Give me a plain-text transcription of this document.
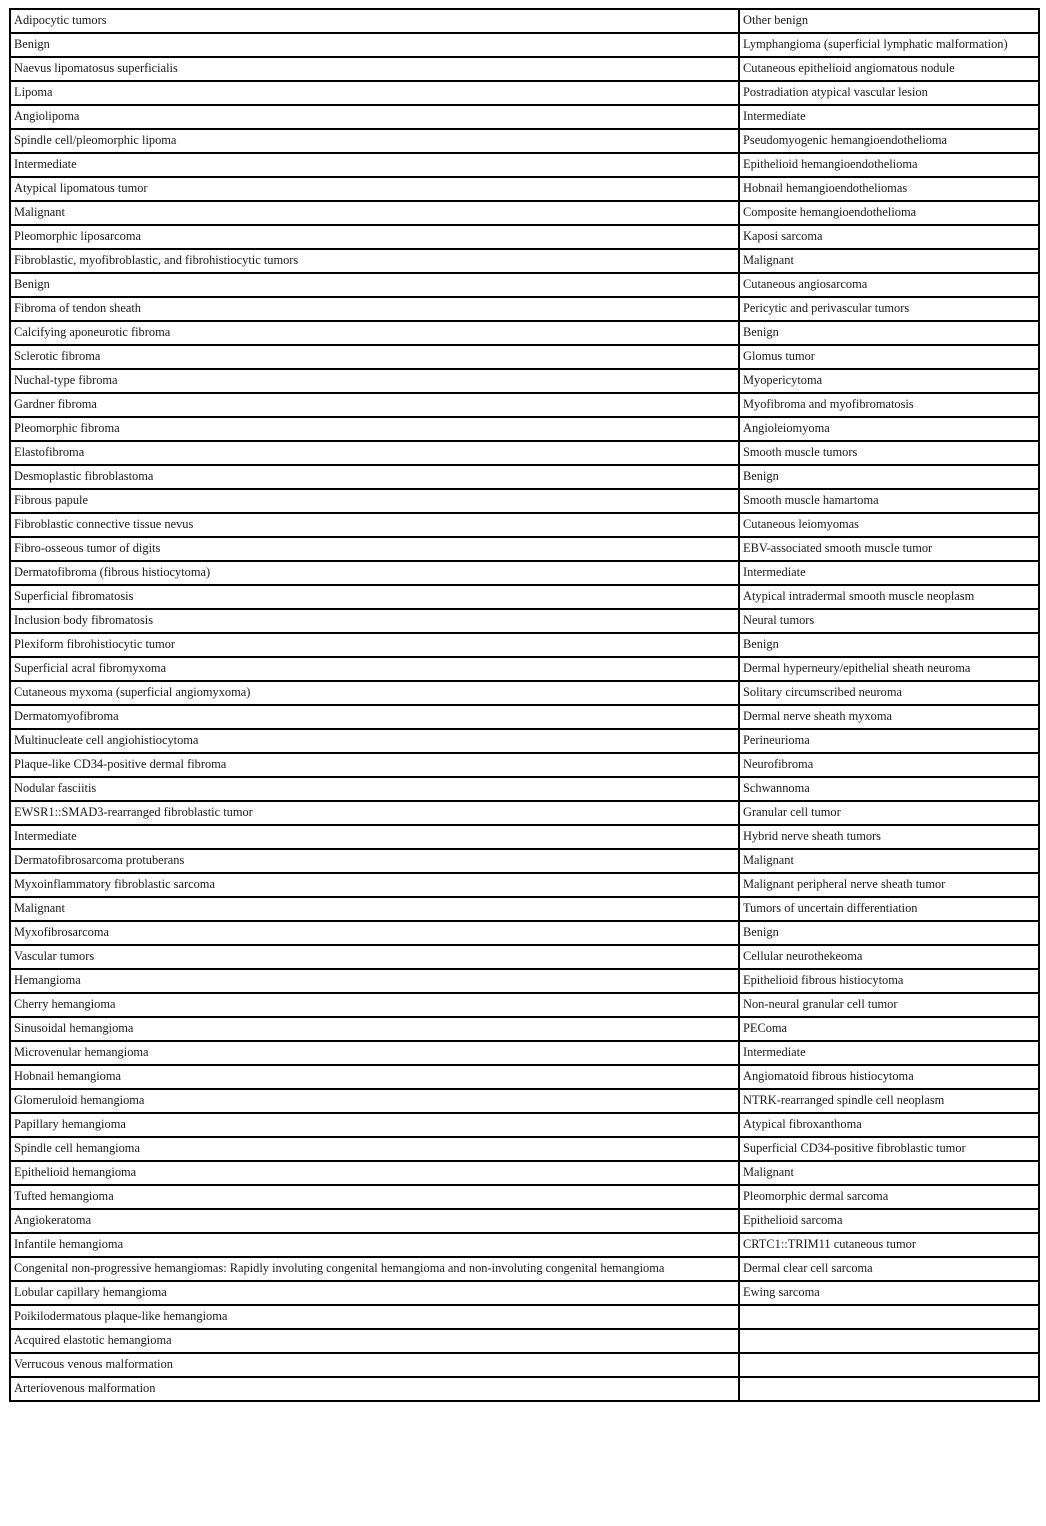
Adipocytic tumors	Other benign
Benign	Lymphangioma (superficial lymphatic malformation)
Naevus lipomatosus superficialis	Cutaneous epithelioid angiomatous nodule
Lipoma	Postradiation atypical vascular lesion
Angiolipoma	Intermediate
Spindle cell/pleomorphic lipoma	Pseudomyogenic hemangioendothelioma
Intermediate	Epithelioid hemangioendothelioma
Atypical lipomatous tumor	Hobnail hemangioendotheliomas
Malignant	Composite hemangioendothelioma
Pleomorphic liposarcoma	Kaposi sarcoma
Fibroblastic, myofibroblastic, and fibrohistiocytic tumors	Malignant
Benign	Cutaneous angiosarcoma
Fibroma of tendon sheath	Pericytic and perivascular tumors
Calcifying aponeurotic fibroma	Benign
Sclerotic fibroma	Glomus tumor
Nuchal-type fibroma	Myopericytoma
Gardner fibroma	Myofibroma and myofibromatosis
Pleomorphic fibroma	Angioleiomyoma
Elastofibroma	Smooth muscle tumors
Desmoplastic fibroblastoma	Benign
Fibrous papule	Smooth muscle hamartoma
Fibroblastic connective tissue nevus	Cutaneous leiomyomas
Fibro-osseous tumor of digits	EBV-associated smooth muscle tumor
Dermatofibroma (fibrous histiocytoma)	Intermediate
Superficial fibromatosis	Atypical intradermal smooth muscle neoplasm
Inclusion body fibromatosis	Neural tumors
Plexiform fibrohistiocytic tumor	Benign
Superficial acral fibromyxoma	Dermal hyperneury/epithelial sheath neuroma
Cutaneous myxoma (superficial angiomyxoma)	Solitary circumscribed neuroma
Dermatomyofibroma	Dermal nerve sheath myxoma
Multinucleate cell angiohistiocytoma	Perineurioma
Plaque-like CD34-positive dermal fibroma	Neurofibroma
Nodular fasciitis	Schwannoma
EWSR1::SMAD3-rearranged fibroblastic tumor	Granular cell tumor
Intermediate	Hybrid nerve sheath tumors
Dermatofibrosarcoma protuberans	Malignant
Myxoinflammatory fibroblastic sarcoma	Malignant peripheral nerve sheath tumor
Malignant	Tumors of uncertain differentiation
Myxofibrosarcoma	Benign
Vascular tumors	Cellular neurothekeoma
Hemangioma	Epithelioid fibrous histiocytoma
Cherry hemangioma	Non-neural granular cell tumor
Sinusoidal hemangioma	PEComa
Microvenular hemangioma	Intermediate
Hobnail hemangioma	Angiomatoid fibrous histiocytoma
Glomeruloid hemangioma	NTRK-rearranged spindle cell neoplasm
Papillary hemangioma	Atypical fibroxanthoma
Spindle cell hemangioma	Superficial CD34-positive fibroblastic tumor
Epithelioid hemangioma	Malignant
Tufted hemangioma	Pleomorphic dermal sarcoma
Angiokeratoma	Epithelioid sarcoma
Infantile hemangioma	CRTC1::TRIM11 cutaneous tumor
Congenital non-progressive hemangiomas: Rapidly involuting congenital hemangioma and non-involuting congenital hemangioma	Dermal clear cell sarcoma
Lobular capillary hemangioma	Ewing sarcoma
Poikilodermatous plaque-like hemangioma	
Acquired elastotic hemangioma	
Verrucous venous malformation	
Arteriovenous malformation	
